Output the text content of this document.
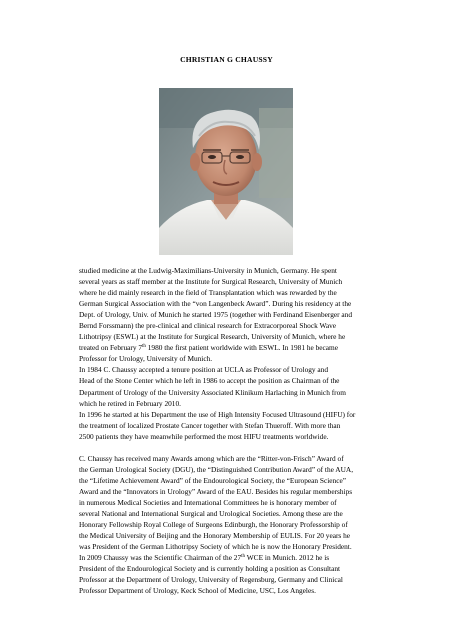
CHRISTIAN G CHAUSSY
studied medicine at the Ludwig-Maximilians-University in Munich, Germany. He spent
several years as staff member at the Institute for Surgical Research, University of Munich
where he did mainly research in the field of Transplantation which was rewarded by the
German Surgical Association with the “von Langenbeck Award”. During his residency at the
Dept. of Urology, Univ. of Munich he started 1975 (together with Ferdinand Eisenberger and
Bernd Forssmann) the pre-clinical and clinical research for Extracorporeal Shock Wave
Lithotripsy (ESWL) at the Institute for Surgical Research, University of Munich, where he
treated on February 7th 1980 the first patient worldwide with ESWL. In 1981 he became
Professor for Urology, University of Munich.
In 1984 C. Chaussy accepted a tenure position at UCLA as Professor of Urology and
Head of the Stone Center which he left in 1986 to accept the position as Chairman of the
Department of Urology of the University Associated Klinikum Harlaching in Munich from
which he retired in February 2010.
In 1996 he started at his Department the use of High Intensity Focused Ultrasound (HIFU) for
the treatment of localized Prostate Cancer together with Stefan Thueroff. With more than
2500 patients they have meanwhile performed the most HIFU treatments worldwide.
C. Chaussy has received many Awards among which are the “Ritter-von-Frisch” Award of
the German Urological Society (DGU), the “Distinguished Contribution Award” of the AUA,
the “Lifetime Achievement Award” of the Endourological Society, the “European Science”
Award and the “Innovators in Urology” Award of the EAU. Besides his regular memberships
in numerous Medical Societies and International Committees he is honorary member of
several National and International Surgical and Urological Societies. Among these are the
Honorary Fellowship Royal College of Surgeons Edinburgh, the Honorary Professorship of
the Medical University of Beijing and the Honorary Membership of EULIS. For 20 years he
was President of the German Lithotripsy Society of which he is now the Honorary President.
In 2009 Chaussy was the Scientific Chairman of the 27th WCE in Munich. 2012 he is
President of the Endourological Society and is currently holding a position as Consultant
Professor at the Department of Urology, University of Regensburg, Germany and Clinical
Professor Department of Urology, Keck School of Medicine, USC, Los Angeles.
